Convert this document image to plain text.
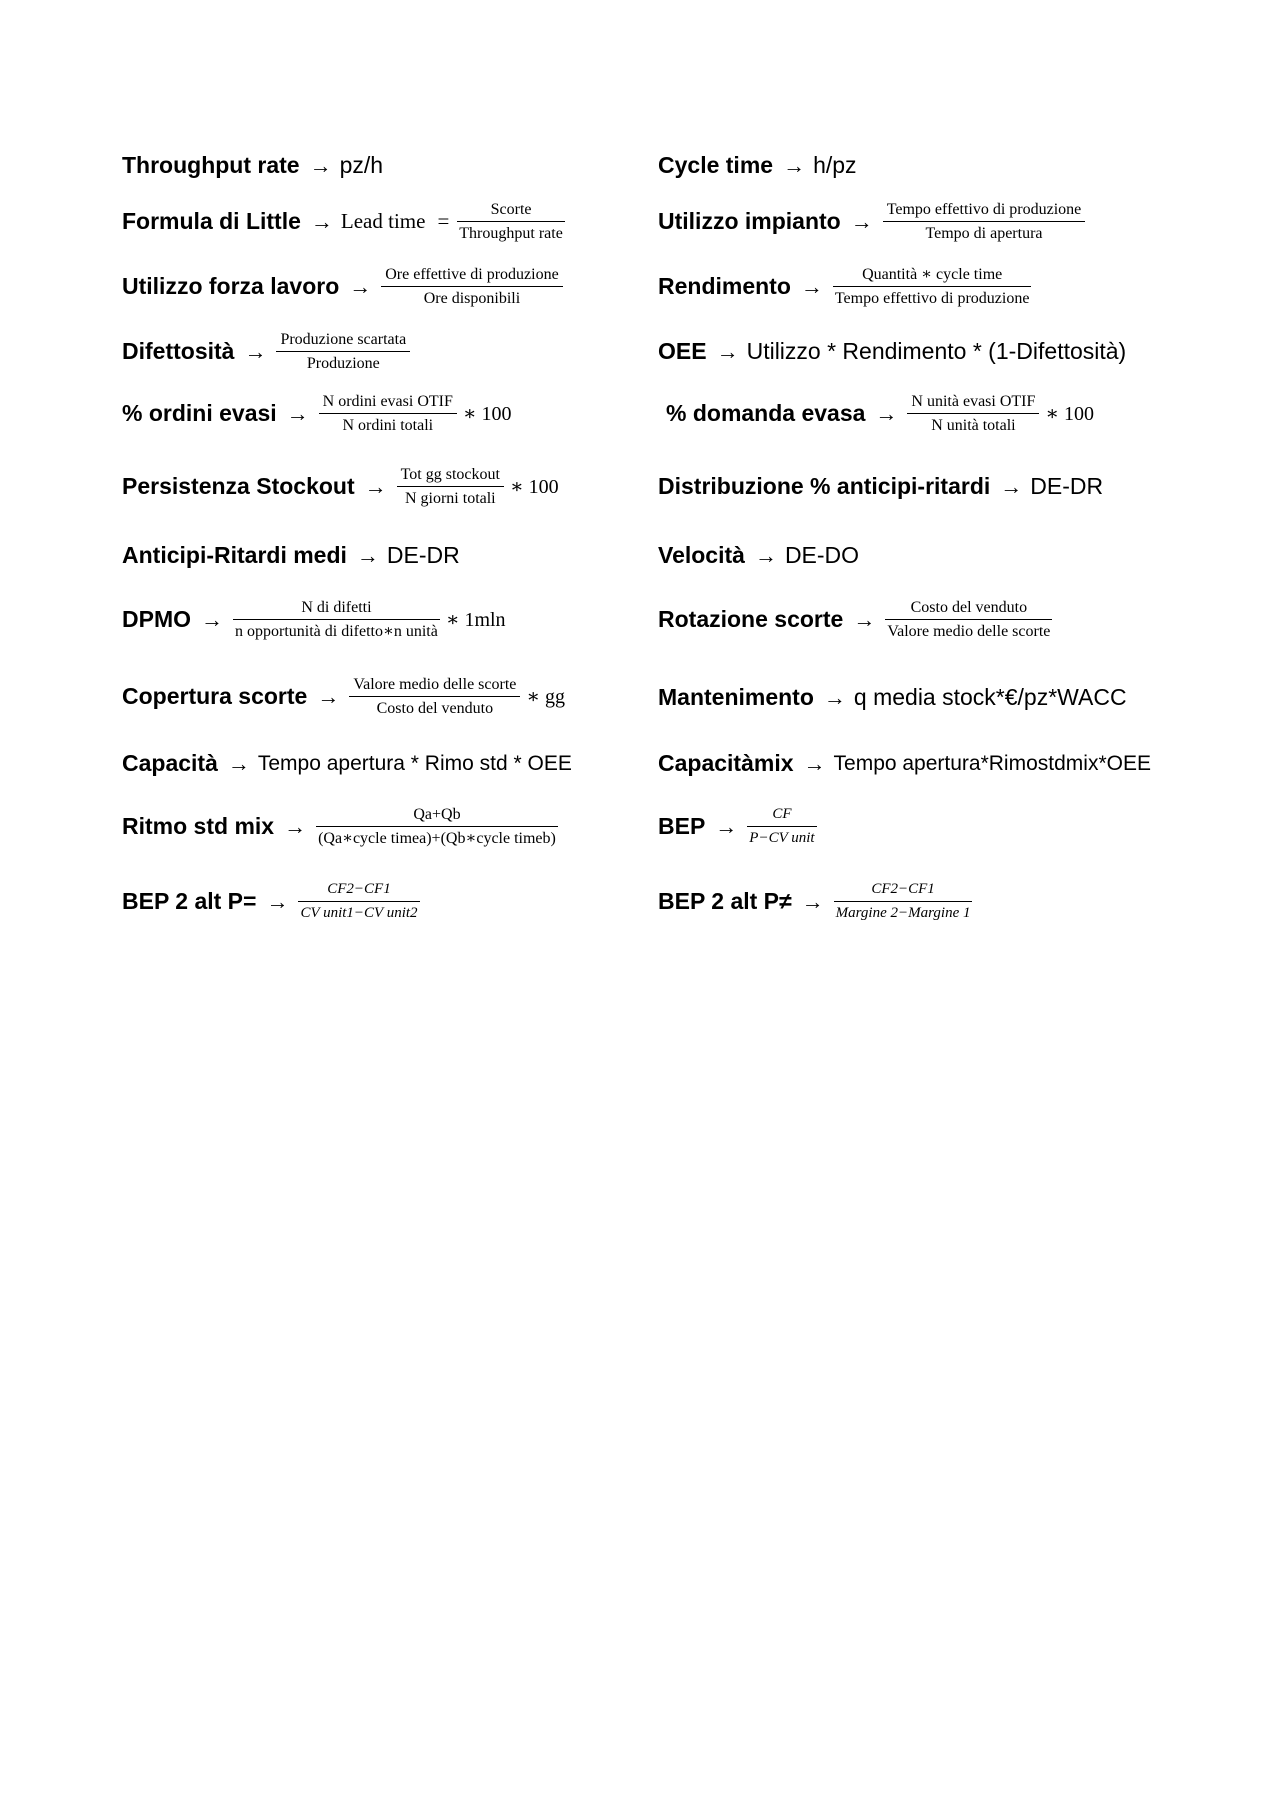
Throughput rate → pz/h
Formula di Little → Lead time = $\frac{\text{Scorte}}{\text{Throughput rate}}$
Utilizzo forza lavoro → $\frac{\text{Ore effettive di produzione}}{\text{Ore disponibili}}$
Difettosità → $\frac{\text{Produzione scartata}}{\text{Produzione}}$
% ordini evasi → $\frac{\text{N ordini evasi OTIF}}{\text{N ordini totali}}$ ∗ 100
Persistenza Stockout → $\frac{\text{Tot gg stockout}}{\text{N giorni totali}}$ ∗ 100
Anticipi-Ritardi medi → DE-DR
DPMO → $\frac{\text{N di difetti}}{\text{n opportunità di difetto∗n unità}}$ ∗ 1mln
Copertura scorte → $\frac{\text{Valore medio delle scorte}}{\text{Costo del venduto}}$ ∗ gg
Capacità → Tempo apertura * Rimo std * OEE
Ritmo std mix → $\frac{Qa+Qb}{\text{(Qa∗cycle timea)+(Qb∗cycle timeb)}}$
BEP 2 alt $P= \to \frac{CF2-CF1}{\text{CV unit1−CV unit2}}$
Cycle time → h/pz
Utilizzo impianto → $\frac{\text{Tempo effettivo di produzione}}{\text{Tempo di apertura}}$
Rendimento → $\frac{\text{Quantità ∗ cycle time}}{\text{Tempo effettivo di produzione}}$
OEE → Utilizzo * Rendimento * (1-Difettosità)
% domanda evasa → $\frac{\text{N unità evasi OTIF}}{\text{N unità totali}}$ ∗ 100
Distribuzione % anticipi-ritardi → DE-DR
Velocità → DE-DO
Rotazione scorte → $\frac{\text{Costo del venduto}}{\text{Valore medio delle scorte}}$
Mantenimento → q media stock*€/pz*WACC
Capacitàmix → Tempo apertura*Rimostdmix*OEE
BEP → $\frac{CF}{\text{P−CV unit}}$
BEP 2 alt $P\ne \to \frac{CF2-CF1}{\text{Margine 2−Margine 1}}$
